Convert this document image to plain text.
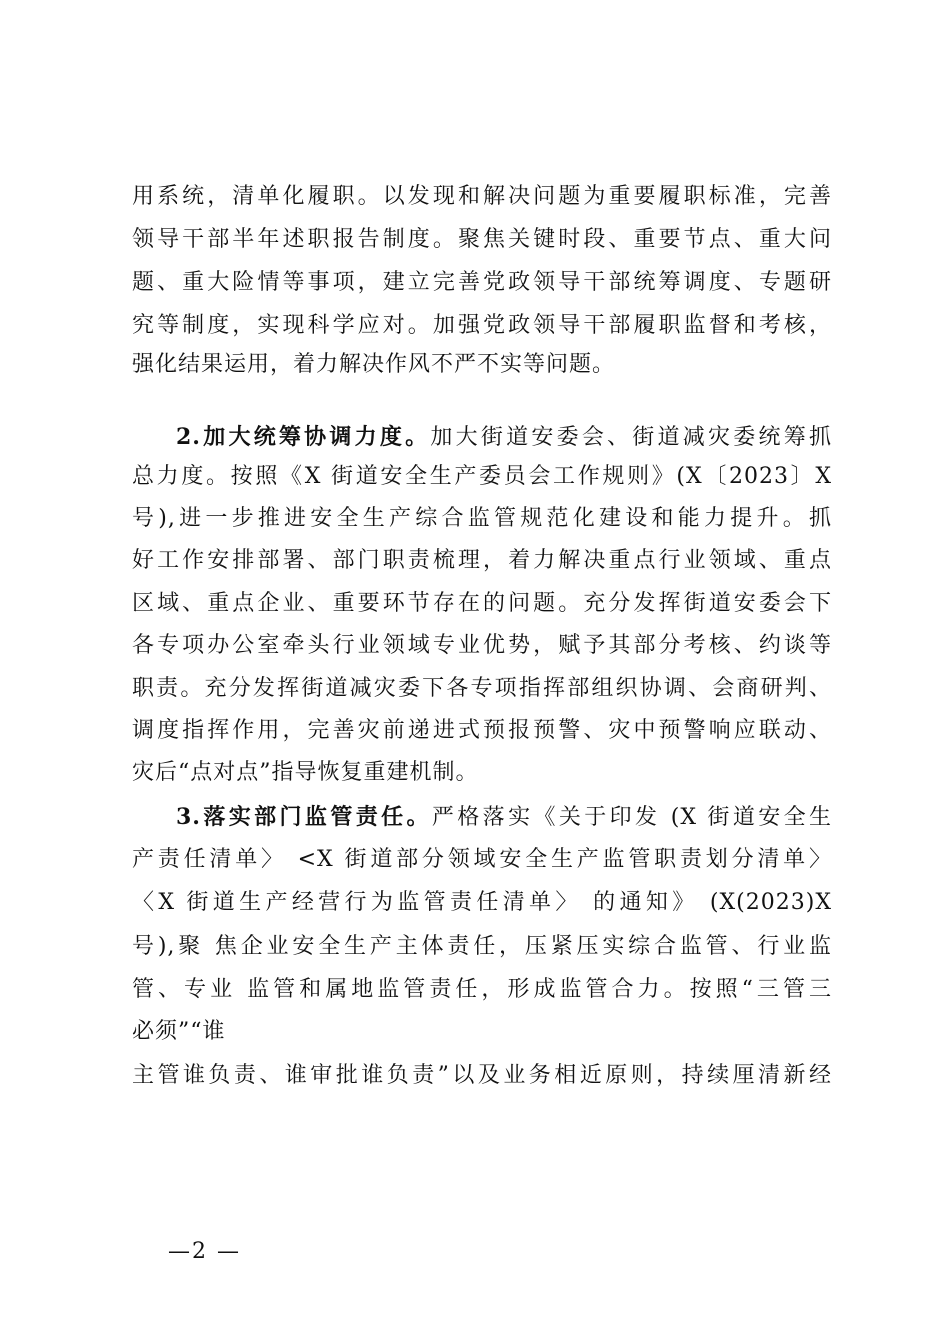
用系统，清单化履职。以发现和解决问题为重要履职标准，完善
领导干部半年述职报告制度。聚焦关键时段、重要节点、重大问
题、重大险情等事项，建立完善党政领导干部统筹调度、专题研
究等制度，实现科学应对。加强党政领导干部履职监督和考核，
强化结果运用，着力解决作风不严不实等问题。
2.加大统筹协调力度。加大街道安委会、街道减灾委统筹抓
总力度。按照《X 街道安全生产委员会工作规则》(X〔2023〕X
号),进一步推进安全生产综合监管规范化建设和能力提升。抓
好工作安排部署、部门职责梳理，着力解决重点行业领域、重点
区域、重点企业、重要环节存在的问题。充分发挥街道安委会下
各专项办公室牵头行业领域专业优势，赋予其部分考核、约谈等
职责。充分发挥街道减灾委下各专项指挥部组织协调、会商研判、
调度指挥作用，完善灾前递进式预报预警、灾中预警响应联动、
灾后“点对点”指导恢复重建机制。
3.落实部门监管责任。严格落实《关于印发 (X 街道安全生
产责任清单〉 <X 街道部分领域安全生产监管职责划分清单〉
〈X 街道生产经营行为监管责任清单〉 的通知》 (X(2023)X
号),聚 焦企业安全生产主体责任，压紧压实综合监管、行业监
管、专业 监管和属地监管责任，形成监管合力。按照“三管三
必须”“谁
主管谁负责、谁审批谁负责”以及业务相近原则，持续厘清新经
—2 —
